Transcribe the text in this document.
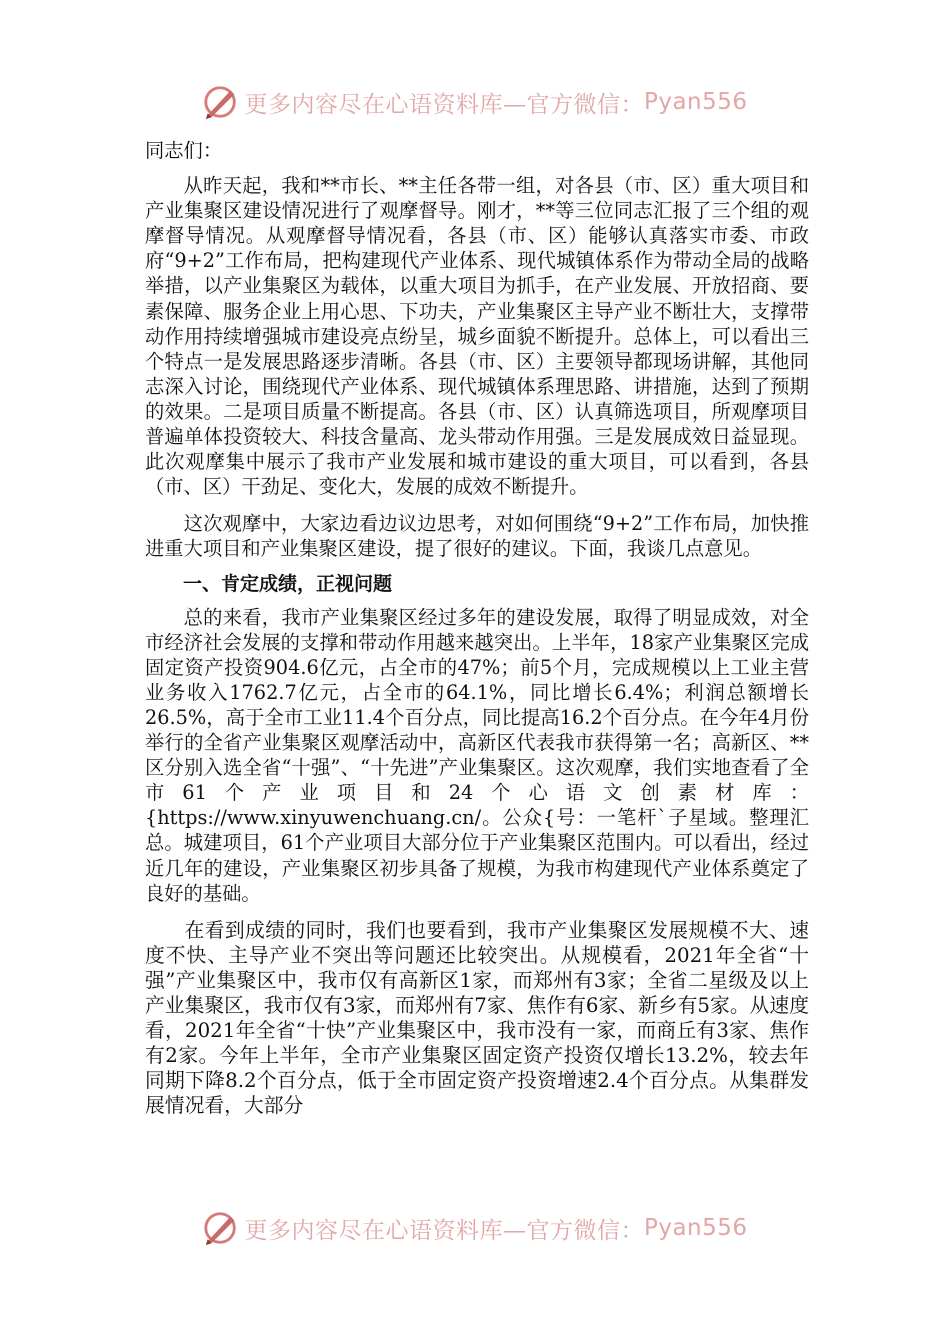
更多内容尽在心语资料库—官方微信： Pyan556

同志们：

从昨天起，我和**市长、**主任各带一组，对各县（市、区）重大项目和产业集聚区建设情况进行了观摩督导。刚才，**等三位同志汇报了三个组的观摩督导情况。从观摩督导情况看，各县（市、区）能够认真落实市委、市政府“9+2”工作布局，把构建现代产业体系、现代城镇体系作为带动全局的战略举措，以产业集聚区为载体，以重大项目为抓手，在产业发展、开放招商、要素保障、服务企业上用心思、下功夫，产业集聚区主导产业不断壮大，支撑带动作用持续增强城市建设亮点纷呈，城乡面貌不断提升。总体上，可以看出三个特点一是发展思路逐步清晰。各县（市、区）主要领导都现场讲解，其他同志深入讨论，围绕现代产业体系、现代城镇体系理思路、讲措施，达到了预期的效果。二是项目质量不断提高。各县（市、区）认真筛选项目，所观摩项目普遍单体投资较大、科技含量高、龙头带动作用强。三是发展成效日益显现。此次观摩集中展示了我市产业发展和城市建设的重大项目，可以看到，各县（市、区）干劲足、变化大，发展的成效不断提升。

这次观摩中，大家边看边议边思考，对如何围绕“9+2”工作布局，加快推进重大项目和产业集聚区建设，提了很好的建议。下面，我谈几点意见。

一、肯定成绩，正视问题

总的来看，我市产业集聚区经过多年的建设发展，取得了明显成效，对全市经济社会发展的支撑和带动作用越来越突出。上半年，18家产业集聚区完成固定资产投资904.6亿元，占全市的47%；前5个月，完成规模以上工业主营业务收入1762.7亿元，占全市的64.1%，同比增长6.4%；利润总额增长26.5%，高于全市工业11.4个百分点，同比提高16.2个百分点。在今年4月份举行的全省产业集聚区观摩活动中，高新区代表我市获得第一名；高新区、**区分别入选全省“十强”、“十先进”产业集聚区。这次观摩，我们实地查看了全市61个产业项目和24个心语文创素材库：{https://www.xinyuwenchuang.cn/。公众{号：一笔杆`子星域。整理汇总。城建项目，61个产业项目大部分位于产业集聚区范围内。可以看出，经过近几年的建设，产业集聚区初步具备了规模，为我市构建现代产业体系奠定了良好的基础。

在看到成绩的同时，我们也要看到，我市产业集聚区发展规模不大、速度不快、主导产业不突出等问题还比较突出。从规模看，2021年全省“十强”产业集聚区中，我市仅有高新区1家，而郑州有3家；全省二星级及以上产业集聚区，我市仅有3家，而郑州有7家、焦作有6家、新乡有5家。从速度看，2021年全省“十快”产业集聚区中，我市没有一家，而商丘有3家、焦作有2家。今年上半年，全市产业集聚区固定资产投资仅增长13.2%，较去年同期下降8.2个百分点，低于全市固定资产投资增速2.4个百分点。从集群发展情况看，大部分

更多内容尽在心语资料库—官方微信： Pyan556
